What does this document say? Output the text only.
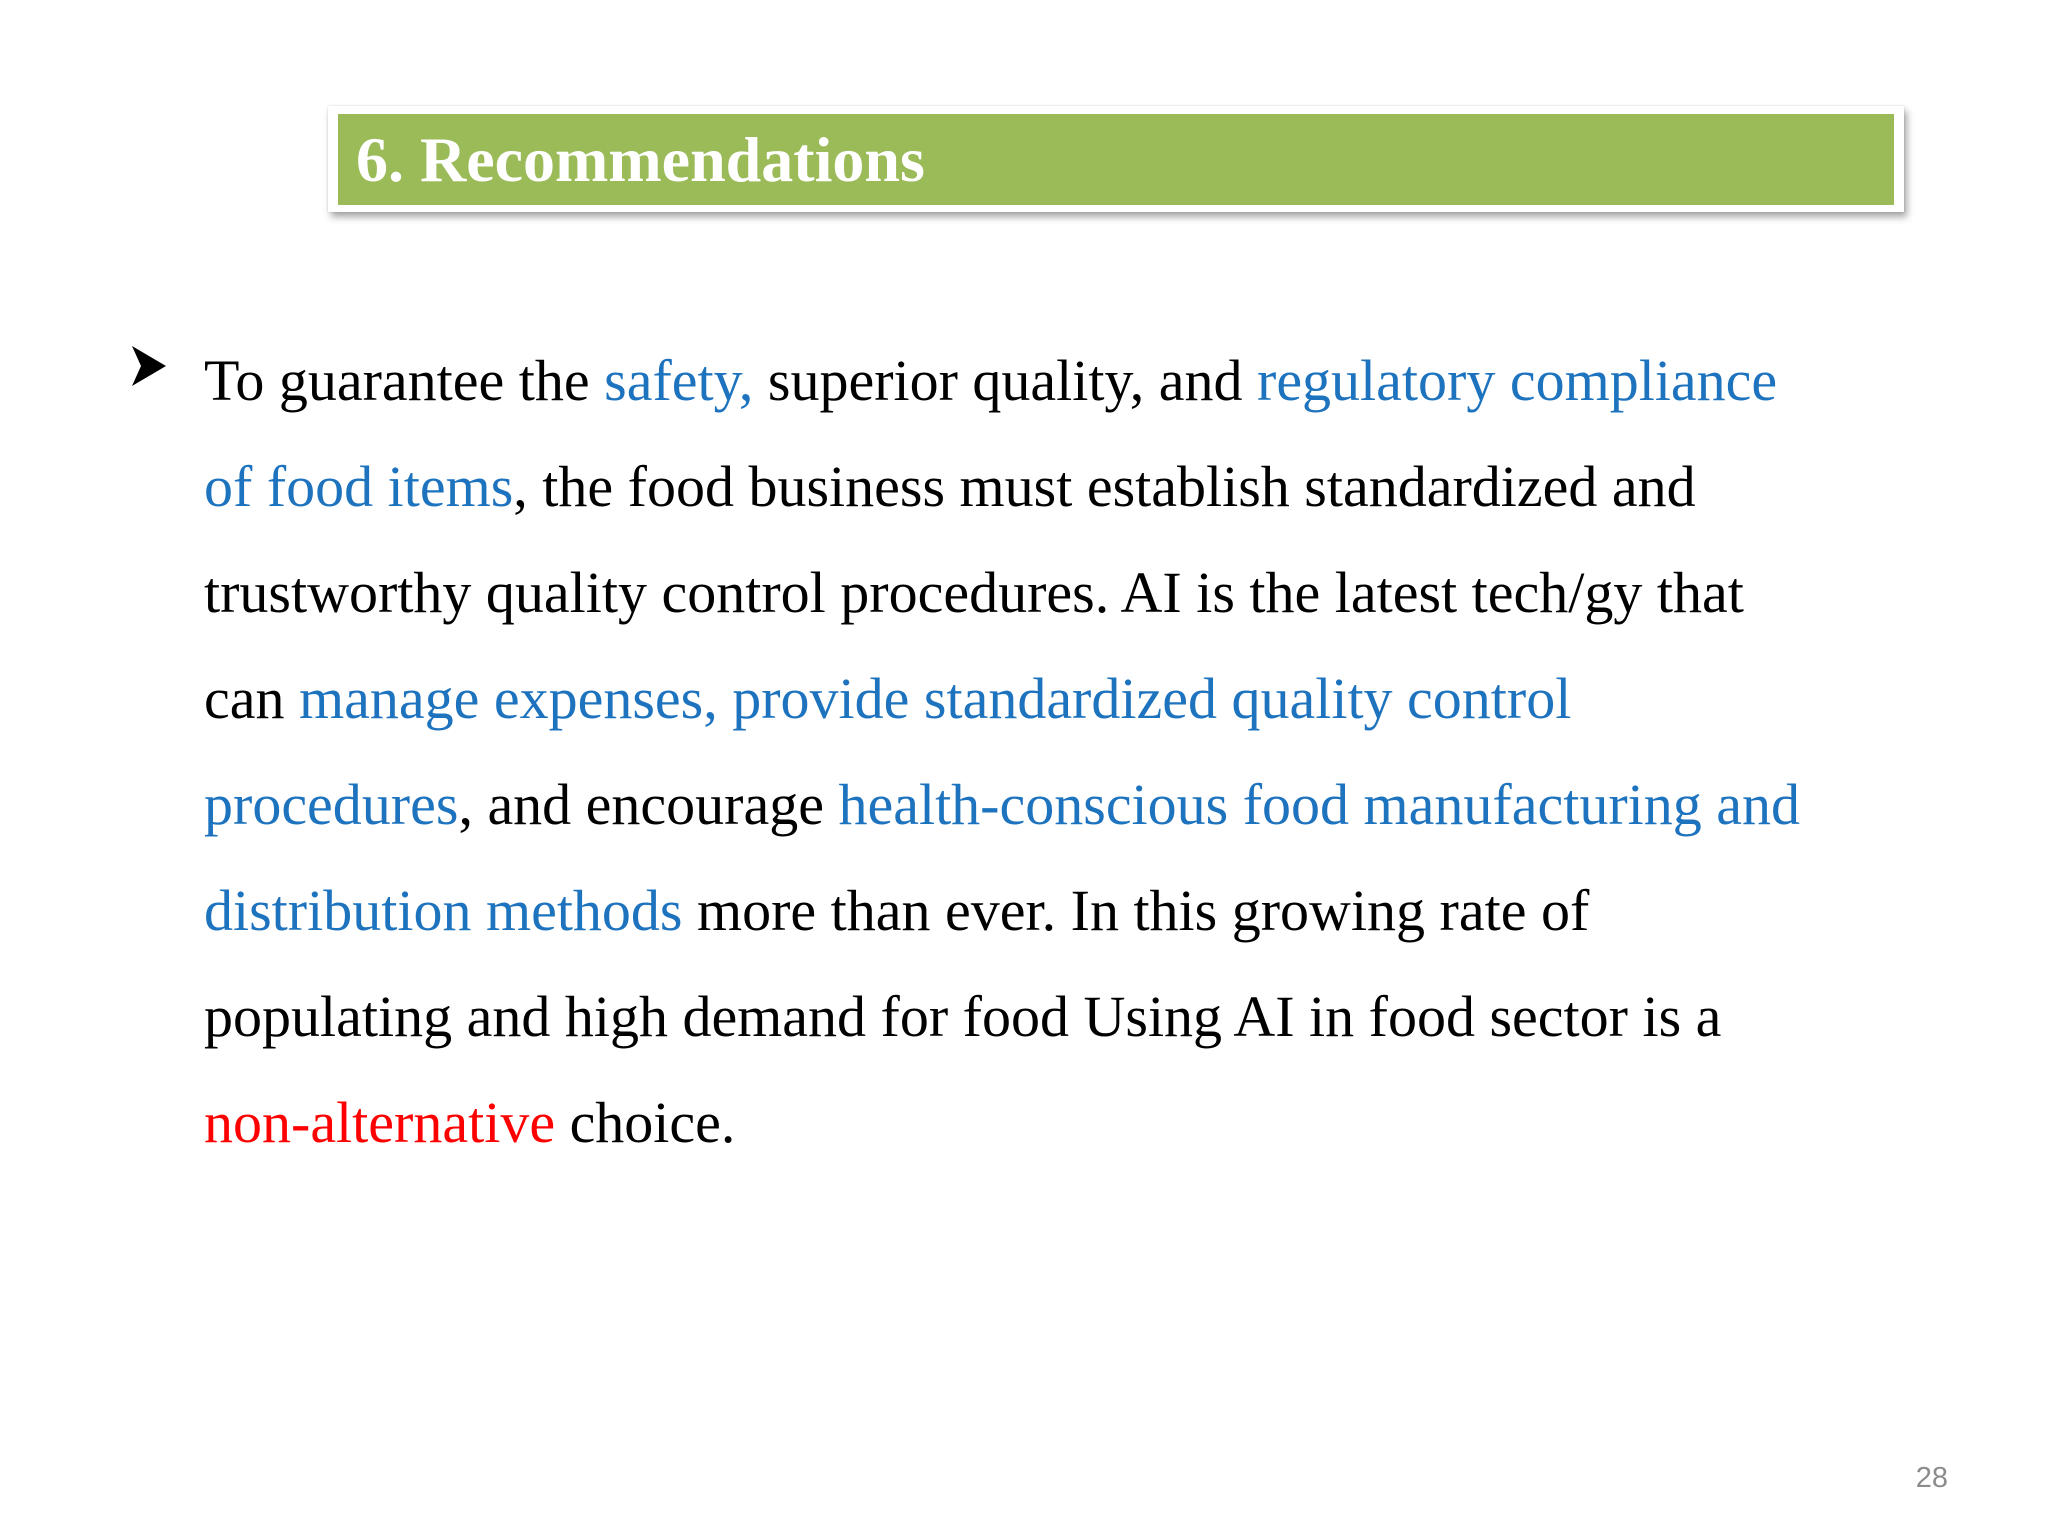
6. Recommendations
To guarantee the safety, superior quality, and regulatory compliance
of food items, the food business must establish standardized and
trustworthy quality control procedures. AI is the latest tech/gy that
can manage expenses, provide standardized quality control
procedures, and encourage health-conscious food manufacturing and
distribution methods more than ever. In this growing rate of
populating and high demand for food Using AI in food sector is a
non-alternative choice.
28
